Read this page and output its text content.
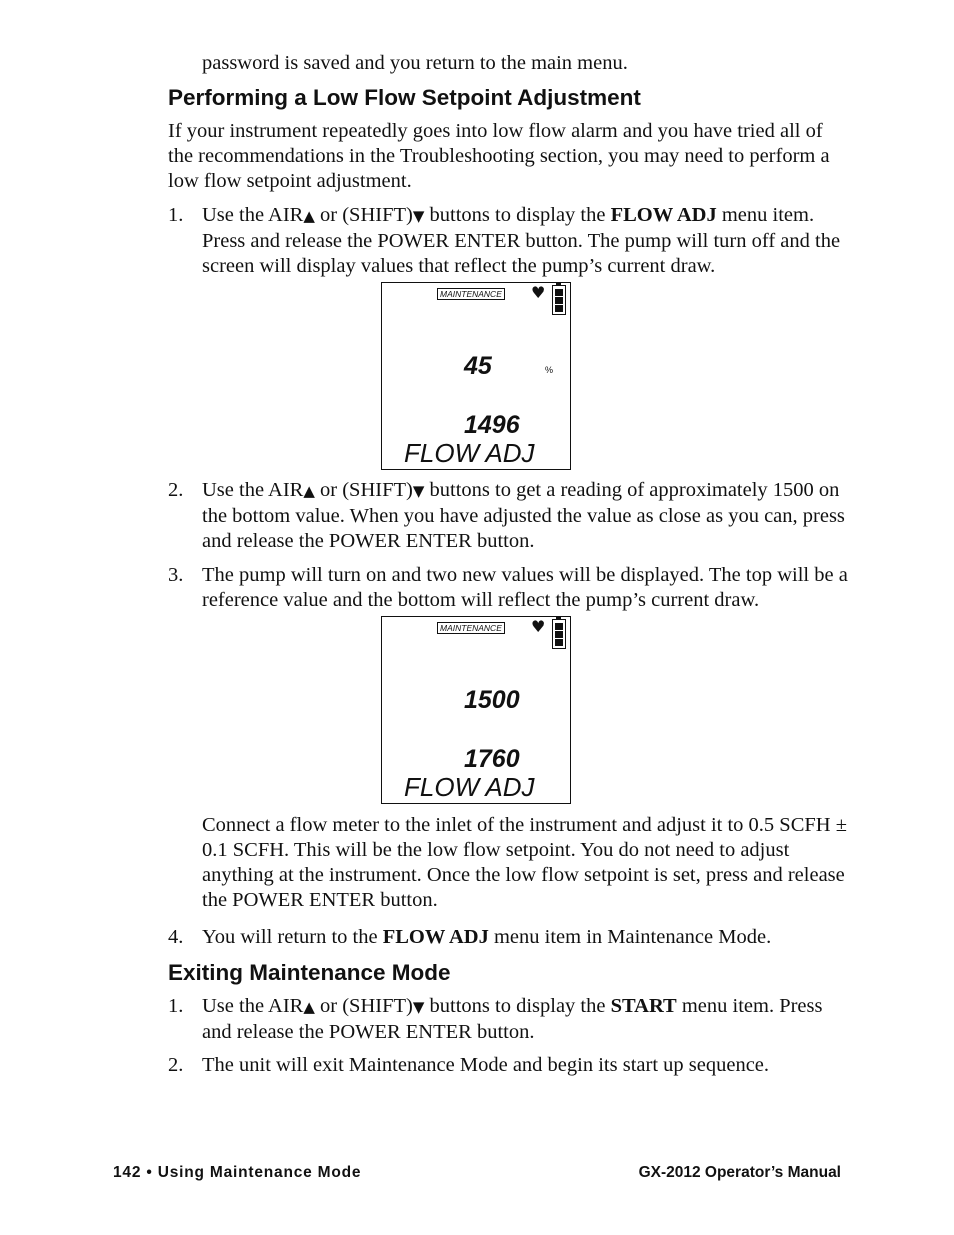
password is saved and you return to the main menu.
Performing a Low Flow Setpoint Adjustment
If your instrument repeatedly goes into low flow alarm and you have tried all of the recommendations in the Troubleshooting section, you may need to perform a low flow setpoint adjustment.
1. Use the AIR▲ or (SHIFT)▼ buttons to display the FLOW ADJ menu item. Press and release the POWER ENTER button. The pump will turn off and the screen will display values that reflect the pump’s current draw.
MAINTENANCE ♥
45	%
1496
FLOW ADJ
2. Use the AIR▲ or (SHIFT)▼ buttons to get a reading of approximately 1500 on the bottom value. When you have adjusted the value as close as you can, press and release the POWER ENTER button.
3. The pump will turn on and two new values will be displayed. The top will be a reference value and the bottom will reflect the pump’s current draw.
MAINTENANCE ♥
1500
1760
FLOW ADJ
Connect a flow meter to the inlet of the instrument and adjust it to 0.5 SCFH ± 0.1 SCFH. This will be the low flow setpoint. You do not need to adjust anything at the instrument. Once the low flow setpoint is set, press and release the POWER ENTER button.
4. You will return to the FLOW ADJ menu item in Maintenance Mode.
Exiting Maintenance Mode
1. Use the AIR▲ or (SHIFT)▼ buttons to display the START menu item. Press and release the POWER ENTER button.
2. The unit will exit Maintenance Mode and begin its start up sequence.
142 • Using Maintenance Mode	GX-2012 Operator’s Manual
